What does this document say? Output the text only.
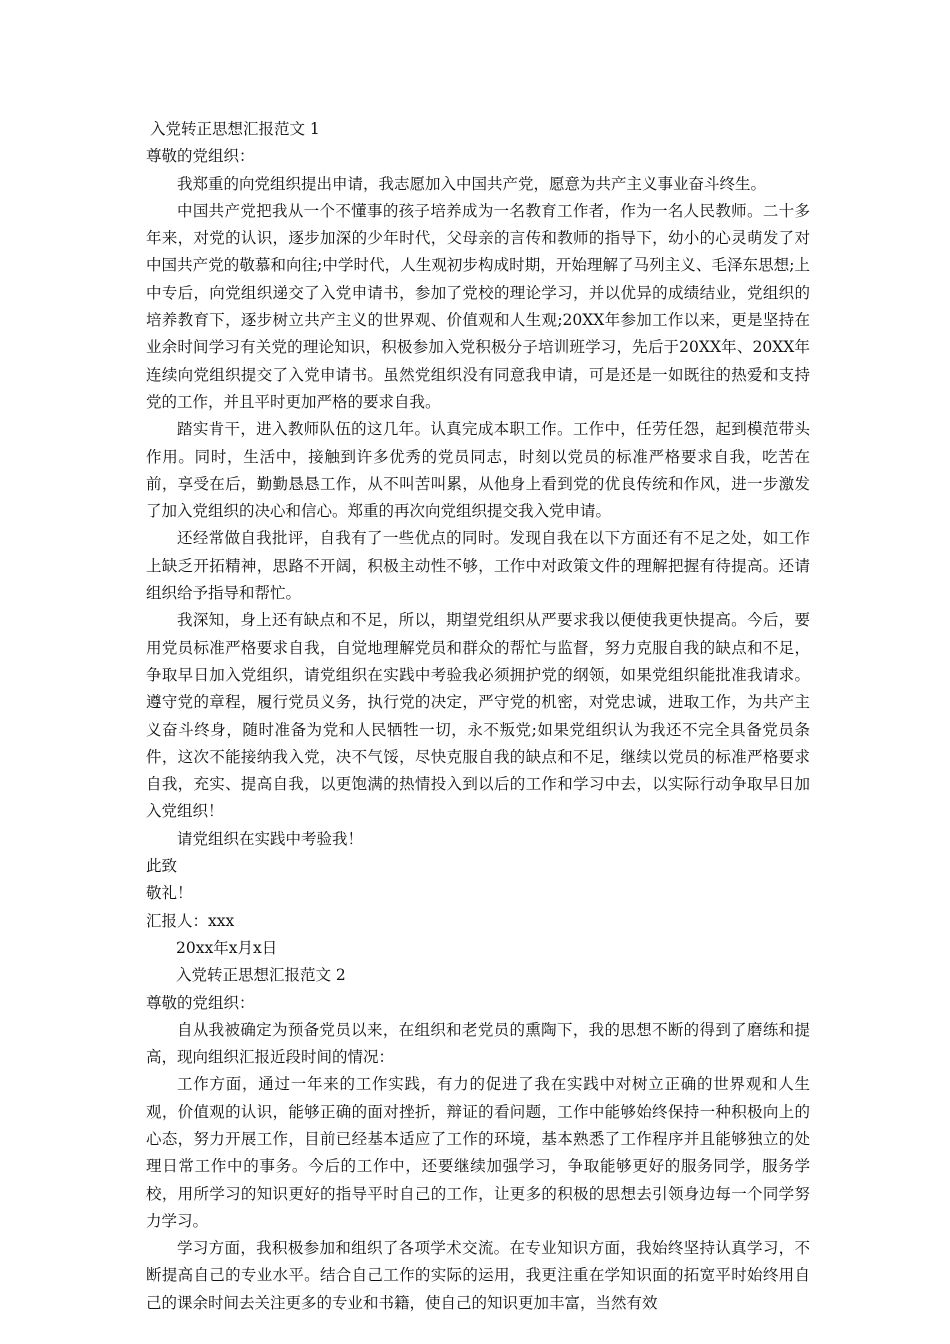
入党转正思想汇报范文 1

尊敬的党组织：

我郑重的向党组织提出申请，我志愿加入中国共产党，愿意为共产主义事业奋斗终生。

中国共产党把我从一个不懂事的孩子培养成为一名教育工作者，作为一名人民教师。二十多年来，对党的认识，逐步加深的少年时代，父母亲的言传和教师的指导下，幼小的心灵萌发了对中国共产党的敬慕和向往;中学时代，人生观初步构成时期，开始理解了马列主义、毛泽东思想;上中专后，向党组织递交了入党申请书，参加了党校的理论学习，并以优异的成绩结业，党组织的培养教育下，逐步树立共产主义的世界观、价值观和人生观;20XX年参加工作以来，更是坚持在业余时间学习有关党的理论知识，积极参加入党积极分子培训班学习，先后于20XX年、20XX年连续向党组织提交了入党申请书。虽然党组织没有同意我申请，可是还是一如既往的热爱和支持党的工作，并且平时更加严格的要求自我。

踏实肯干，进入教师队伍的这几年。认真完成本职工作。工作中，任劳任怨，起到模范带头作用。同时，生活中，接触到许多优秀的党员同志，时刻以党员的标准严格要求自我，吃苦在前，享受在后，勤勤恳恳工作，从不叫苦叫累，从他身上看到党的优良传统和作风，进一步激发了加入党组织的决心和信心。郑重的再次向党组织提交我入党申请。

还经常做自我批评，自我有了一些优点的同时。发现自我在以下方面还有不足之处，如工作上缺乏开拓精神，思路不开阔，积极主动性不够，工作中对政策文件的理解把握有待提高。还请组织给予指导和帮忙。

我深知，身上还有缺点和不足，所以，期望党组织从严要求我以便使我更快提高。今后，要用党员标准严格要求自我，自觉地理解党员和群众的帮忙与监督，努力克服自我的缺点和不足，争取早日加入党组织，请党组织在实践中考验我必须拥护党的纲领，如果党组织能批准我请求。遵守党的章程，履行党员义务，执行党的决定，严守党的机密，对党忠诚，进取工作，为共产主义奋斗终身，随时准备为党和人民牺牲一切，永不叛党;如果党组织认为我还不完全具备党员条件，这次不能接纳我入党，决不气馁，尽快克服自我的缺点和不足，继续以党员的标准严格要求自我，充实、提高自我，以更饱满的热情投入到以后的工作和学习中去，以实际行动争取早日加入党组织！

请党组织在实践中考验我！

此致

敬礼！

汇报人：xxx

20xx年x月x日

入党转正思想汇报范文 2

尊敬的党组织：

自从我被确定为预备党员以来，在组织和老党员的熏陶下，我的思想不断的得到了磨练和提高，现向组织汇报近段时间的情况：

工作方面，通过一年来的工作实践，有力的促进了我在实践中对树立正确的世界观和人生观，价值观的认识，能够正确的面对挫折，辩证的看问题，工作中能够始终保持一种积极向上的心态，努力开展工作，目前已经基本适应了工作的环境，基本熟悉了工作程序并且能够独立的处理日常工作中的事务。今后的工作中，还要继续加强学习，争取能够更好的服务同学，服务学校，用所学习的知识更好的指导平时自己的工作，让更多的积极的思想去引领身边每一个同学努力学习。

学习方面，我积极参加和组织了各项学术交流。在专业知识方面，我始终坚持认真学习，不断提高自己的专业水平。结合自己工作的实际的运用，我更注重在学知识面的拓宽平时始终用自己的课余时间去关注更多的专业和书籍，使自己的知识更加丰富，当然有效
